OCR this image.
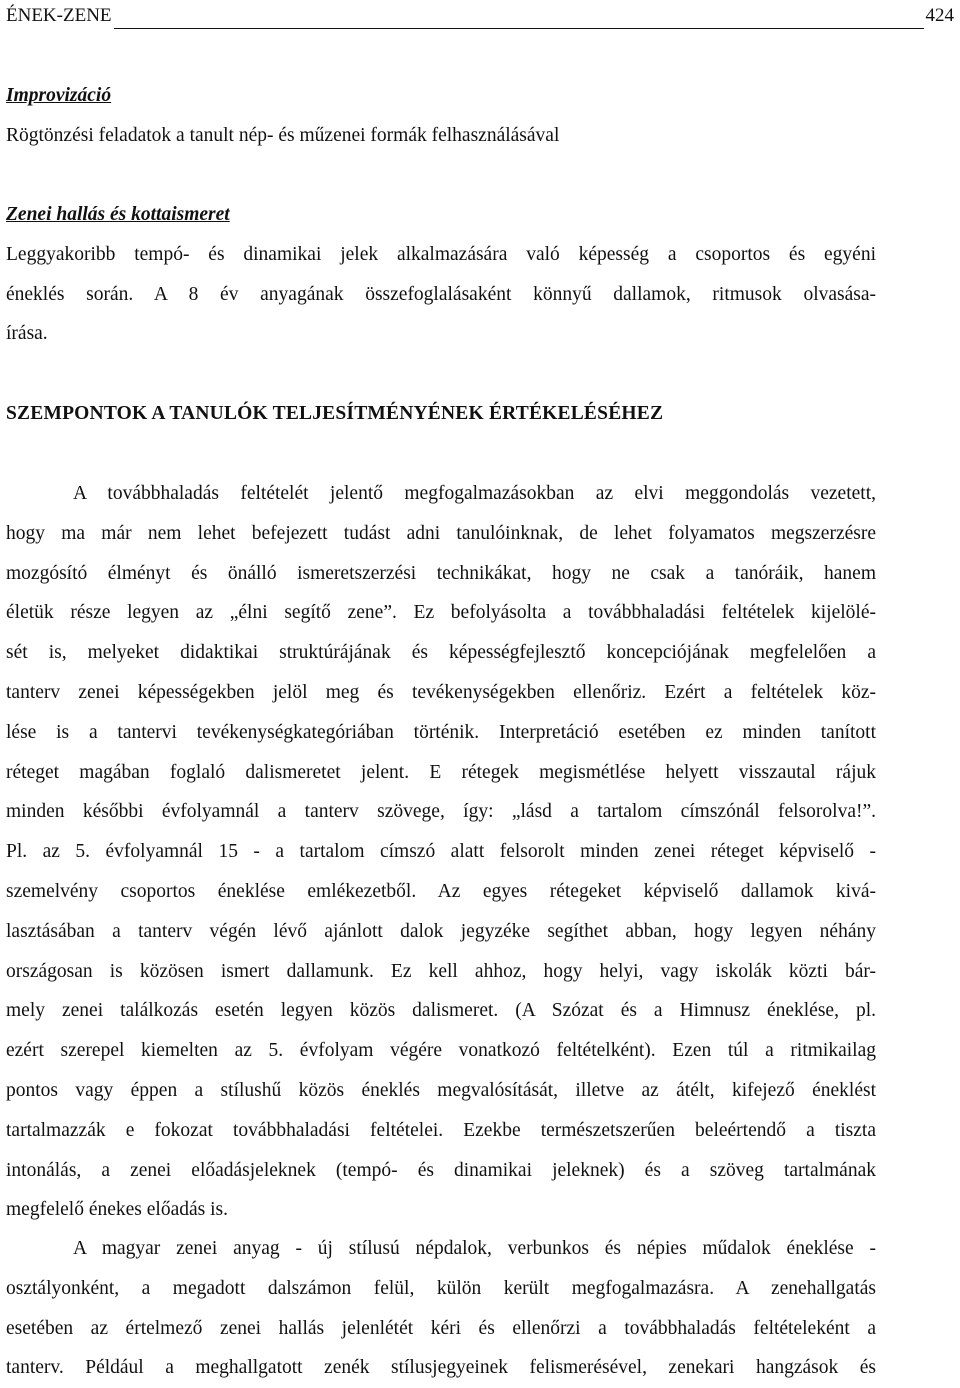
ÉNEK-ZENE	424
Improvizáció
Rögtönzési feladatok a tanult nép- és műzenei formák felhasználásával
Zenei hallás és kottaismeret
Leggyakoribb tempó- és dinamikai jelek alkalmazására való képesség a csoportos és egyéni
éneklés során. A 8 év anyagának összefoglalásaként könnyű dallamok, ritmusok olvasása-
írása.
SZEMPONTOK A TANULÓK TELJESÍTMÉNYÉNEK ÉRTÉKELÉSÉHEZ
A továbbhaladás feltételét jelentő megfogalmazásokban az elvi meggondolás vezetett,
hogy ma már nem lehet befejezett tudást adni tanulóinknak, de lehet folyamatos megszerzésre
mozgósító élményt és önálló ismeretszerzési technikákat, hogy ne csak a tanóráik, hanem
életük része legyen az „élni segítő zene”. Ez befolyásolta a továbbhaladási feltételek kijelölé-
sét is, melyeket didaktikai struktúrájának és képességfejlesztő koncepciójának megfelelően a
tanterv zenei képességekben jelöl meg és tevékenységekben ellenőriz. Ezért a feltételek köz-
lése is a tantervi tevékenységkategóriában történik. Interpretáció esetében ez minden tanított
réteget magában foglaló dalismeretet jelent. E rétegek megismétlése helyett visszautal rájuk
minden későbbi évfolyamnál a tanterv szövege, így: „lásd a tartalom címszónál felsorolva!”.
Pl. az 5. évfolyamnál 15 - a tartalom címszó alatt felsorolt minden zenei réteget képviselő -
szemelvény csoportos éneklése emlékezetből. Az egyes rétegeket képviselő dallamok kivá-
lasztásában a tanterv végén lévő ajánlott dalok jegyzéke segíthet abban, hogy legyen néhány
országosan is közösen ismert dallamunk. Ez kell ahhoz, hogy helyi, vagy iskolák közti bár-
mely zenei találkozás esetén legyen közös dalismeret. (A Szózat és a Himnusz éneklése, pl.
ezért szerepel kiemelten az 5. évfolyam végére vonatkozó feltételként). Ezen túl a ritmikailag
pontos vagy éppen a stílushű közös éneklés megvalósítását, illetve az átélt, kifejező éneklést
tartalmazzák e fokozat továbbhaladási feltételei. Ezekbe természetszerűen beleértendő a tiszta
intonálás, a zenei előadásjeleknek (tempó- és dinamikai jeleknek) és a szöveg tartalmának
megfelelő énekes előadás is.
A magyar zenei anyag - új stílusú népdalok, verbunkos és népies műdalok éneklése -
osztályonként, a megadott dalszámon felül, külön került megfogalmazásra. A zenehallgatás
esetében az értelmező zenei hallás jelenlétét kéri és ellenőrzi a továbbhaladás feltételeként a
tanterv. Például a meghallgatott zenék stílusjegyeinek felismerésével, zenekari hangzások és
